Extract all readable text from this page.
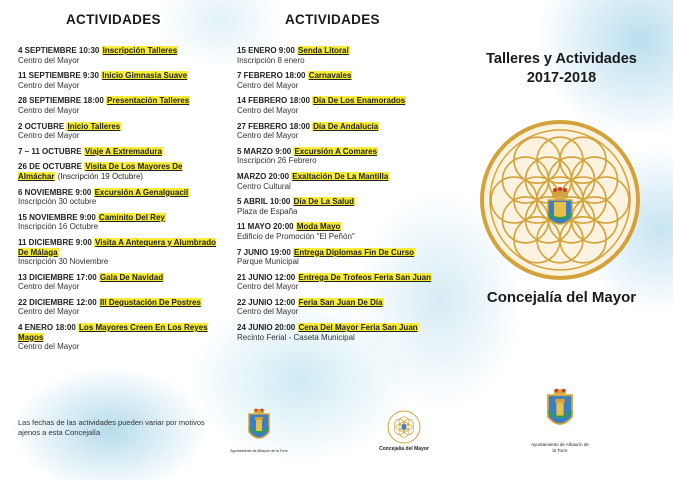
ACTIVIDADES
4 SEPTIEMBRE 10:30 Inscripción Talleres
Centro del Mayor
11 SEPTIEMBRE 9:30 Inicio Gimnasia Suave
Centro del Mayor
28 SEPTIEMBRE 18:00 Presentación Talleres
Centro del Mayor
2 OCTUBRE Inicio Talleres
Centro del Mayor
7 – 11 OCTUBRE Viaje A Extremadura
26 DE OCTUBRE Visita De Los Mayores De Almáchar (Inscripción 19 Octubre)
6 NOVIEMBRE 9:00 Excursión A Genalguacil
Inscripción 30 octubre
15 NOVIEMBRE 9:00 Caminito Del Rey
Inscripción 16 Octubre
11 DICIEMBRE 9:00 Visita A Antequera y Alumbrado De Málaga
Inscripción 30 Noviembre
13 DICIEMBRE 17:00 Gala De Navidad
Centro del Mayor
22 DICIEMBRE 12:00 III Degustación De Postres
Centro del Mayor
4 ENERO 18:00 Los Mayores Creen En Los Reyes Magos
Centro del Mayor
Las fechas de las actividades pueden variar por motivos ajenos a esta Concejalía
ACTIVIDADES
15 ENERO 9:00 Senda Litoral
Inscripción 8 enero
7 FEBRERO 18:00 Carnavales
Centro del Mayor
14 FEBRERO 18:00 Día De Los Enamorados
Centro del Mayor
27 FEBRERO 18:00 Día De Andalucía
Centro del Mayor
5 MARZO 9:00 Excursión A Comares
Inscripción 26 Febrero
MARZO 20:00 Exaltación De La Mantilla
Centro Cultural
5 ABRIL 10:00 Día De La Salud
Plaza de España
11 MAYO 20:00 Moda Mayo
Edificio de Promoción "El Peñón"
7 JUNIO 19:00 Entrega Diplomas Fin De Curso
Parque Municipal
21 JUNIO 12:00 Entrega De Trofeos Feria San Juan
Centro del Mayor
22 JUNIO 12:00 Feria San Juan De Día
Centro del Mayor
24 JUNIO 20:00 Cena Del Mayor Feria San Juan
Recinto Ferial - Caseta Municipal
Ayuntamiento de Alhaurín de la Torre	Concejalía del Mayor
Talleres y Actividades
2017-2018
Concejalía del Mayor
Ayuntamiento de Alhaurín de la Torre
